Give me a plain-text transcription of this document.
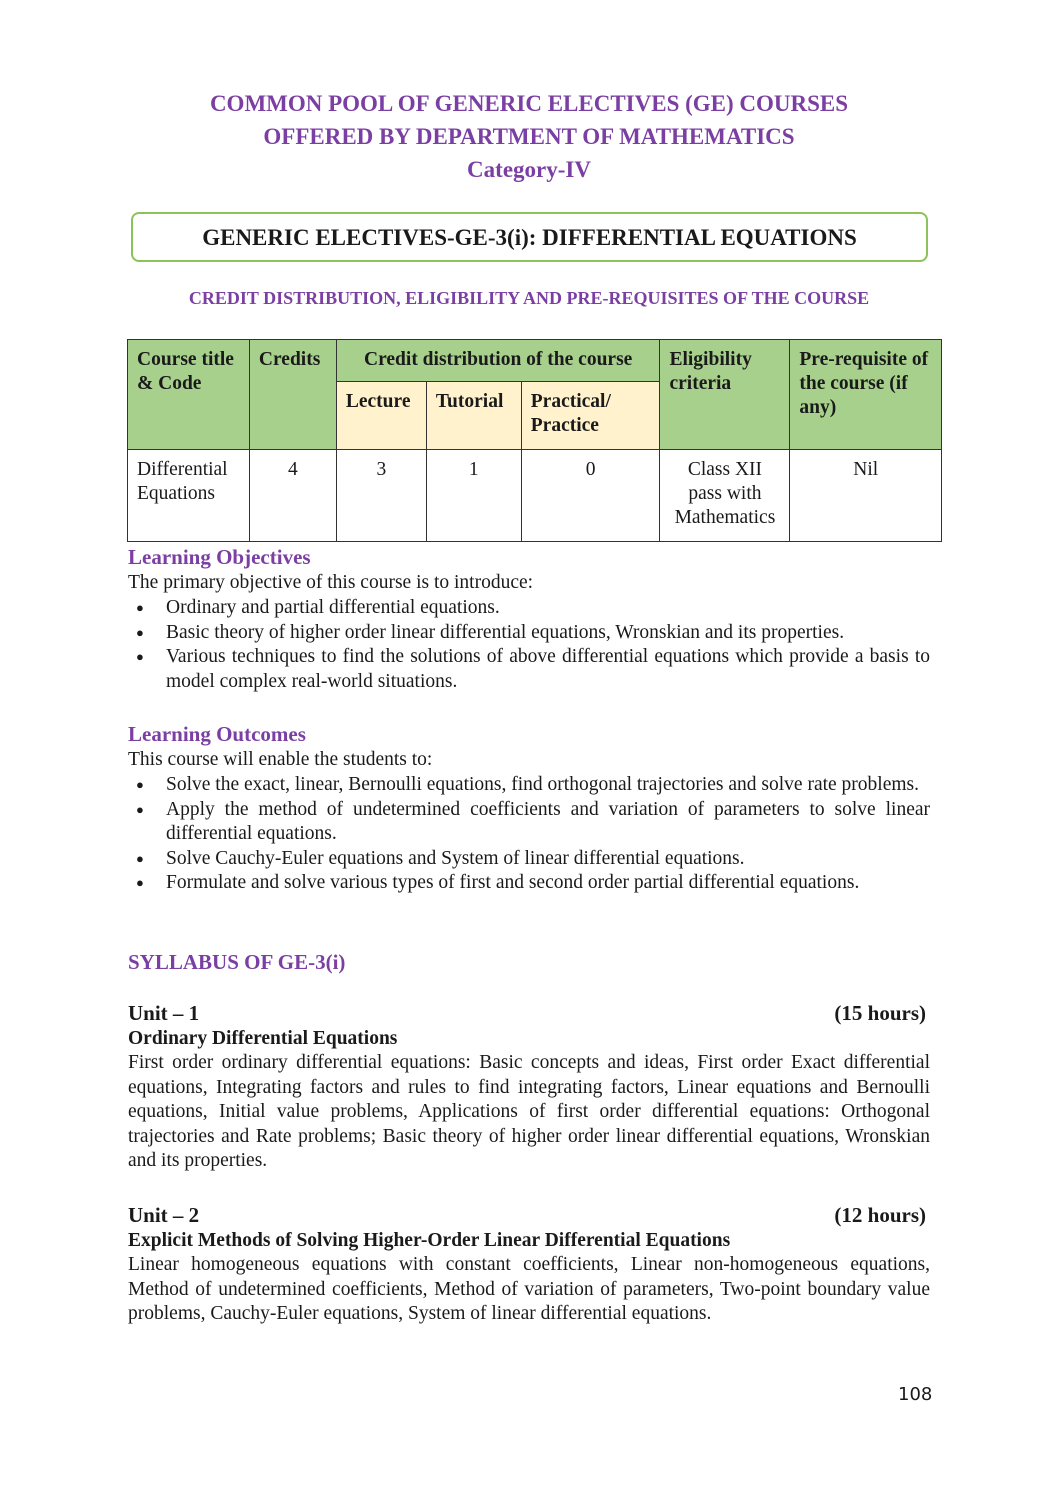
COMMON POOL OF GENERIC ELECTIVES (GE) COURSES
OFFERED BY DEPARTMENT OF MATHEMATICS
Category-IV
GENERIC ELECTIVES-GE-3(i): DIFFERENTIAL EQUATIONS
CREDIT DISTRIBUTION, ELIGIBILITY AND PRE-REQUISITES OF THE COURSE
Course title & Code	Credits	Credit distribution of the course			Eligibility criteria	Pre-requisite of the course (if any)
		Lecture	Tutorial	Practical/ Practice		
Differential Equations	4	3	1	0	Class XII pass with Mathematics	Nil
Learning Objectives
The primary objective of this course is to introduce:
● Ordinary and partial differential equations.
● Basic theory of higher order linear differential equations, Wronskian and its properties.
● Various techniques to find the solutions of above differential equations which provide a basis to model complex real-world situations.
Learning Outcomes
This course will enable the students to:
● Solve the exact, linear, Bernoulli equations, find orthogonal trajectories and solve rate problems.
● Apply the method of undetermined coefficients and variation of parameters to solve linear differential equations.
● Solve Cauchy-Euler equations and System of linear differential equations.
● Formulate and solve various types of first and second order partial differential equations.
SYLLABUS OF GE-3(i)
Unit – 1	(15 hours)
Ordinary Differential Equations
First order ordinary differential equations: Basic concepts and ideas, First order Exact differential equations, Integrating factors and rules to find integrating factors, Linear equations and Bernoulli equations, Initial value problems, Applications of first order differential equations: Orthogonal trajectories and Rate problems; Basic theory of higher order linear differential equations, Wronskian and its properties.
Unit – 2	(12 hours)
Explicit Methods of Solving Higher-Order Linear Differential Equations
Linear homogeneous equations with constant coefficients, Linear non-homogeneous equations, Method of undetermined coefficients, Method of variation of parameters, Two-point boundary value problems, Cauchy-Euler equations, System of linear differential equations.
108
